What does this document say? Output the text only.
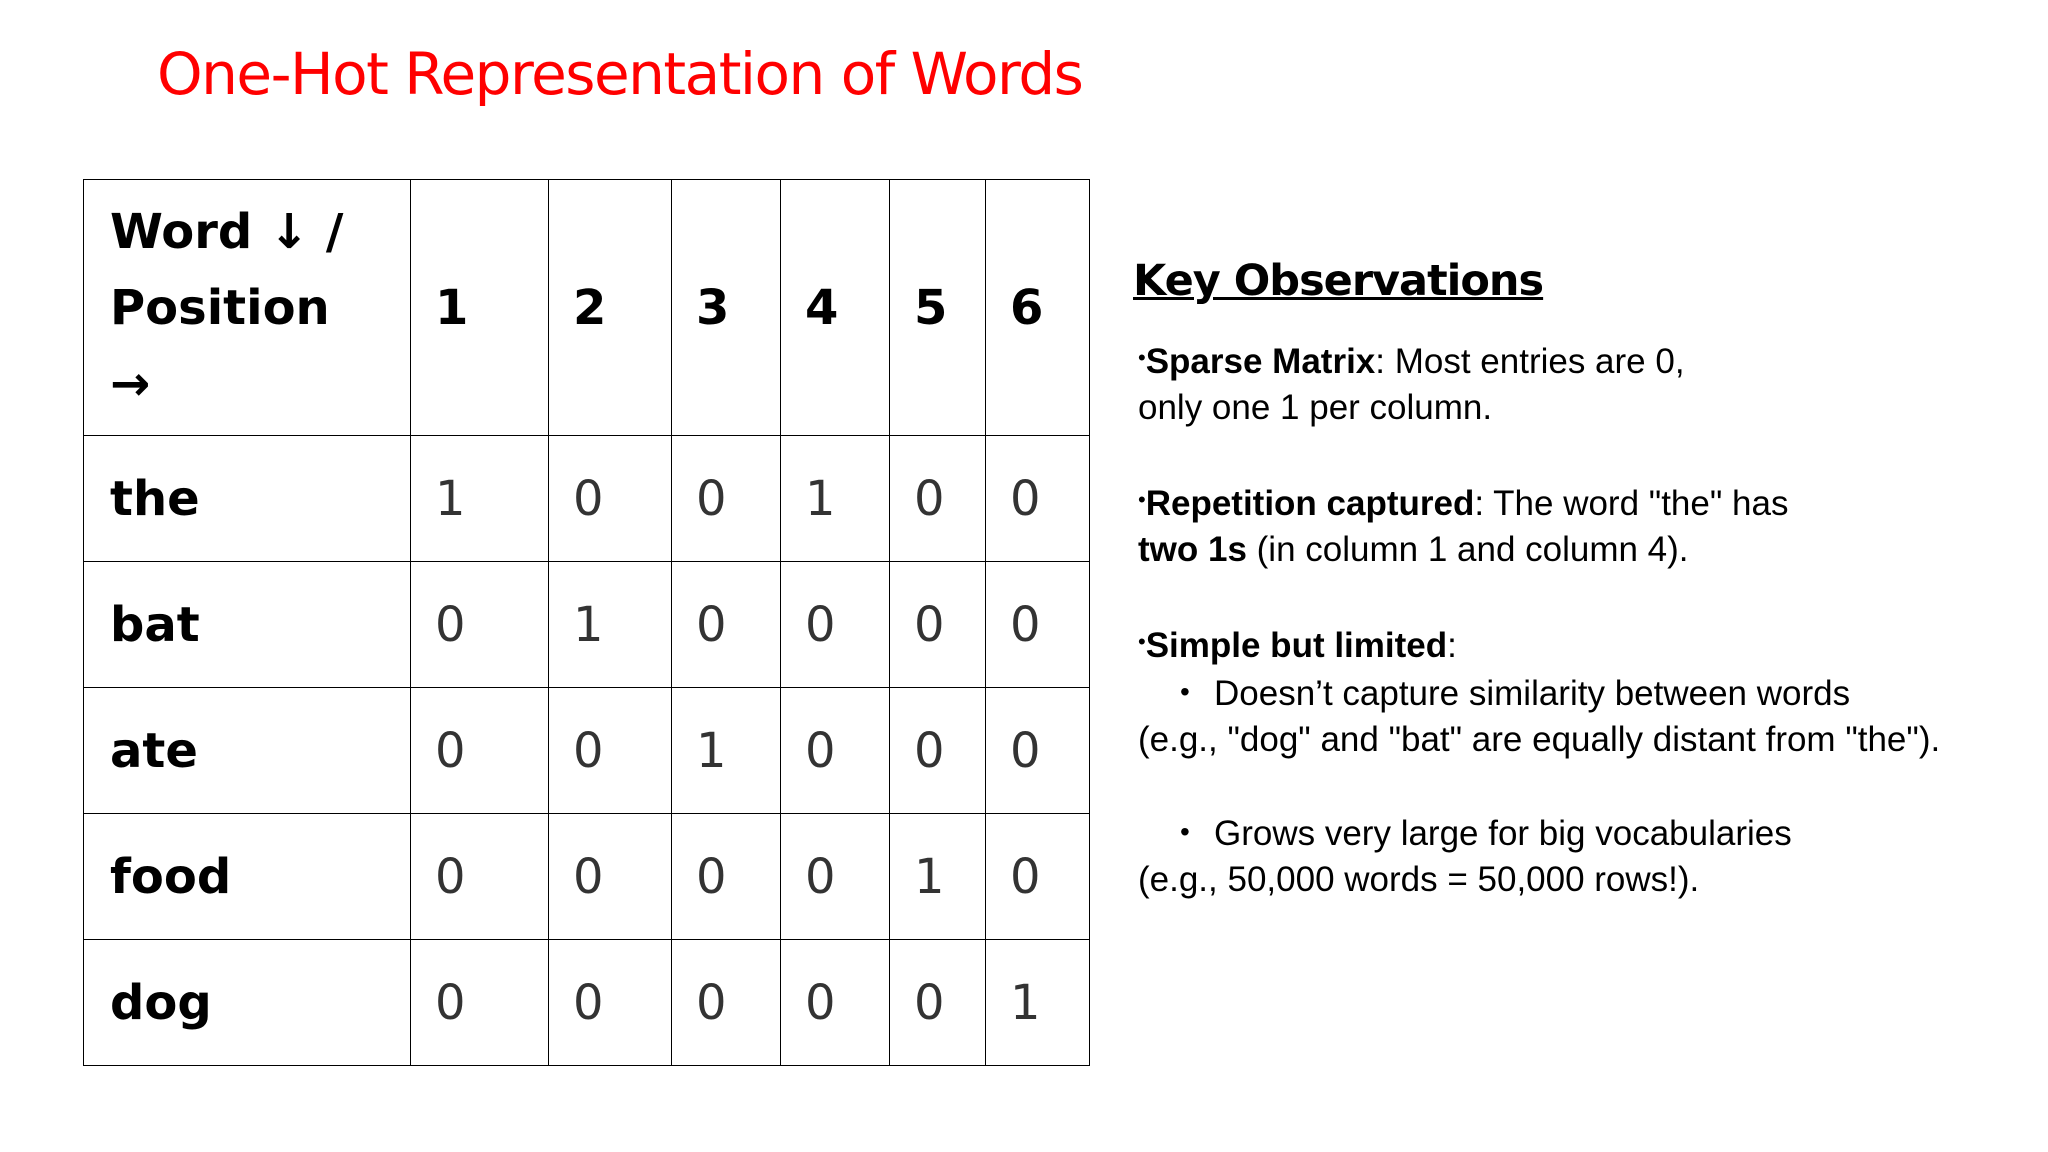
One-Hot Representation of Words
Word ↓ /
Position
→	1	2	3	4	5	6
the	1	0	0	1	0	0
bat	0	1	0	0	0	0
ate	0	0	1	0	0	0
food	0	0	0	0	1	0
dog	0	0	0	0	0	1
Key Observations

•Sparse Matrix: Most entries are 0,
only one 1 per column.

•Repetition captured: The word "the" has
two 1s (in column 1 and column 4).

•Simple but limited:

• Doesn’t capture similarity between words
(e.g., "dog" and "bat" are equally distant from "the").

• Grows very large for big vocabularies
(e.g., 50,000 words = 50,000 rows!).
